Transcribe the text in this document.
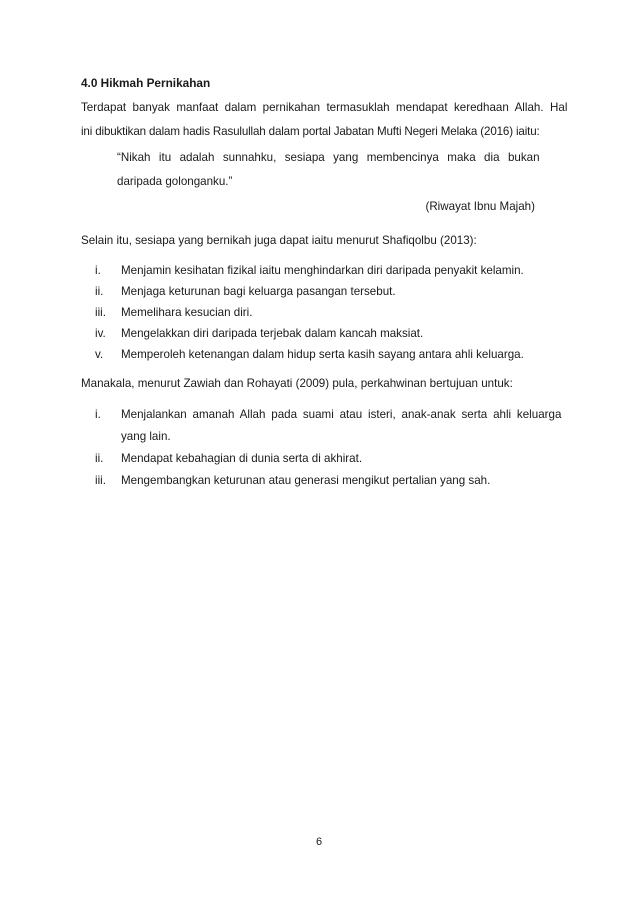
4.0 Hikmah Pernikahan
Terdapat banyak manfaat dalam pernikahan termasuklah mendapat keredhaan Allah. Hal
ini dibuktikan dalam hadis Rasulullah dalam portal Jabatan Mufti Negeri Melaka (2016) iaitu:
“Nikah itu adalah sunnahku, sesiapa yang membencinya maka dia bukan
daripada golonganku.”
(Riwayat Ibnu Majah)
Selain itu, sesiapa yang bernikah juga dapat iaitu menurut Shafiqolbu (2013):
i. Menjamin kesihatan fizikal iaitu menghindarkan diri daripada penyakit kelamin.
ii. Menjaga keturunan bagi keluarga pasangan tersebut.
iii. Memelihara kesucian diri.
iv. Mengelakkan diri daripada terjebak dalam kancah maksiat.
v. Memperoleh ketenangan dalam hidup serta kasih sayang antara ahli keluarga.
Manakala, menurut Zawiah dan Rohayati (2009) pula, perkahwinan bertujuan untuk:
i. Menjalankan amanah Allah pada suami atau isteri, anak-anak serta ahli keluarga
yang lain.
ii. Mendapat kebahagian di dunia serta di akhirat.
iii. Mengembangkan keturunan atau generasi mengikut pertalian yang sah.
6
